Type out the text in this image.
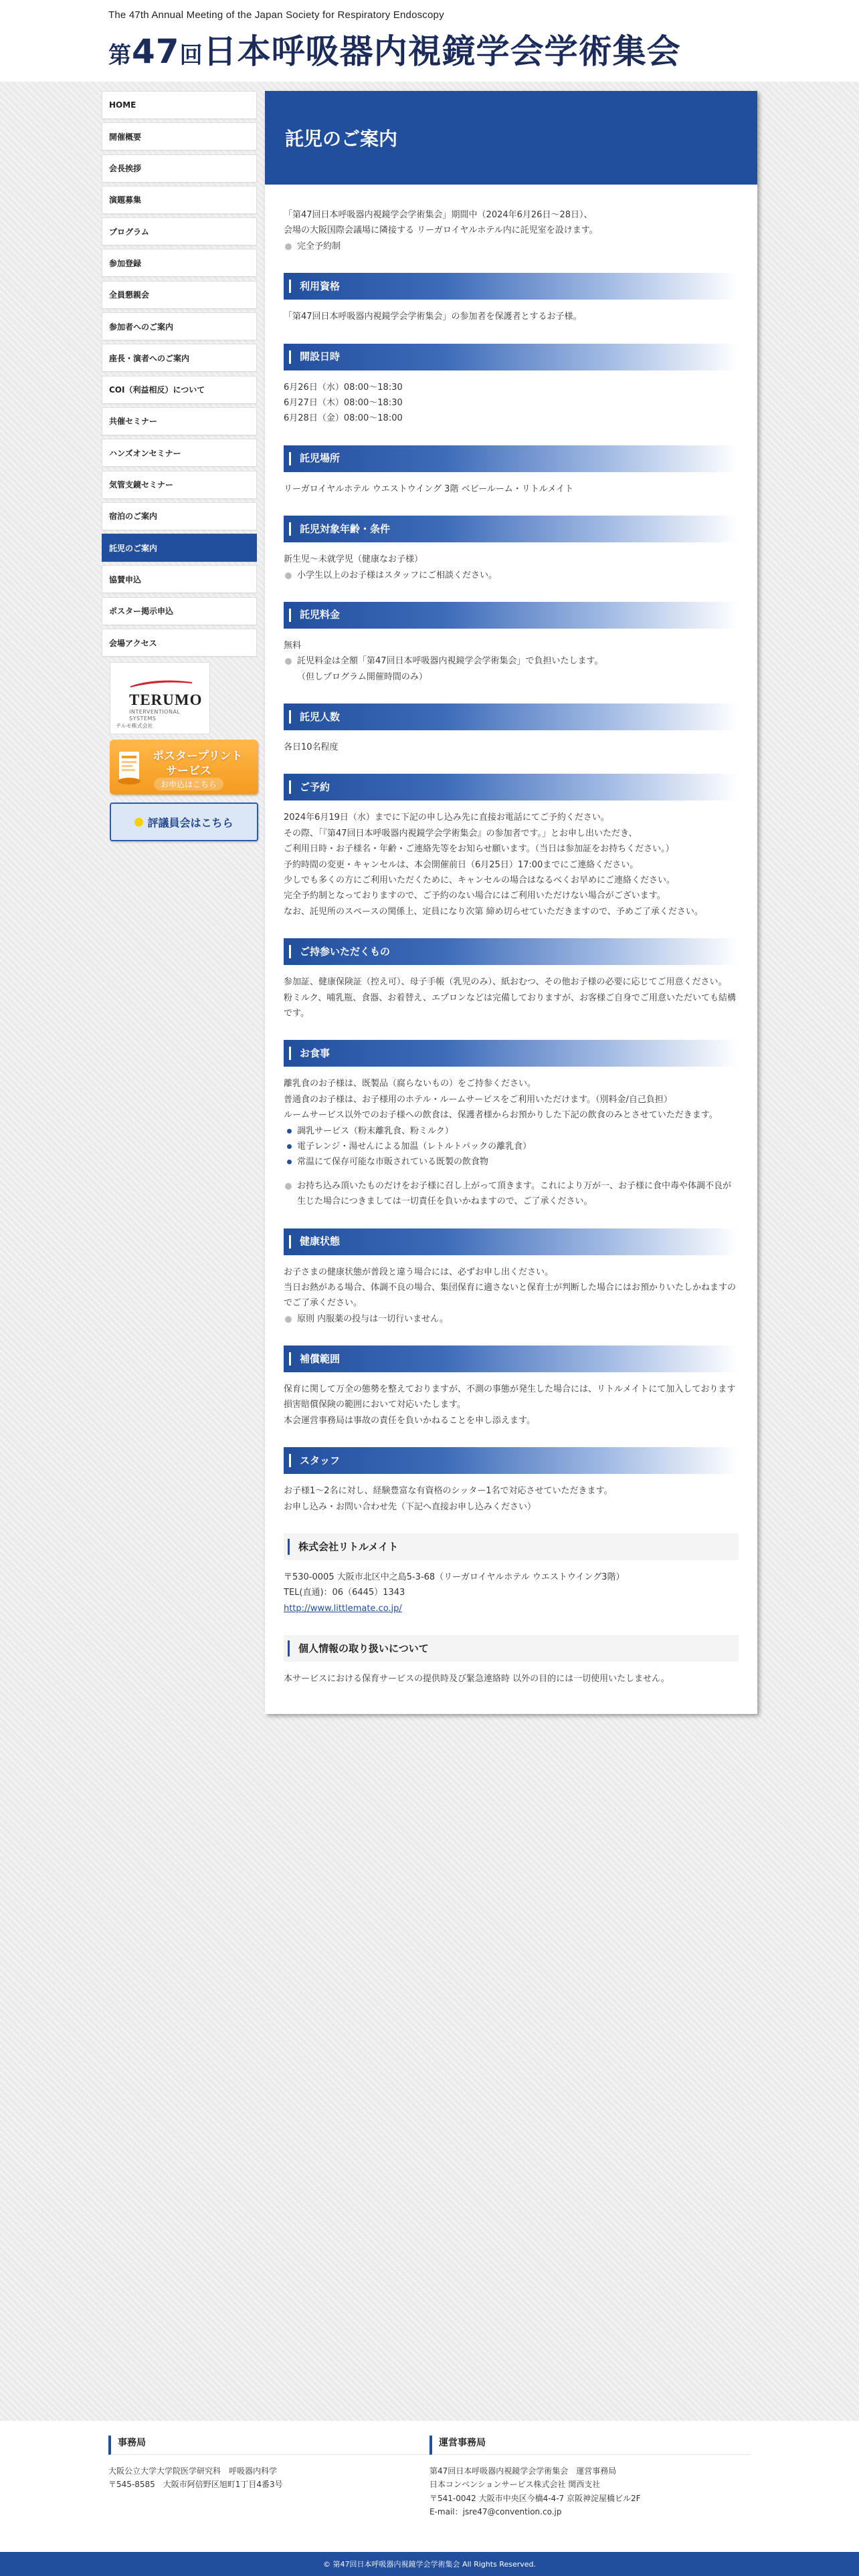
The 47th Annual Meeting of the Japan Society for Respiratory Endoscopy
第47回日本呼吸器内視鏡学会学術集会
HOME
開催概要
会長挨拶
演題募集
プログラム
参加登録
全員懇親会
参加者へのご案内
座長・演者へのご案内
COI（利益相反）について
共催セミナー
ハンズオンセミナー
気管支鏡セミナー
宿泊のご案内
託児のご案内
協賛申込
ポスター掲示申込
会場アクセス
TERUMO
INTERVENTIONAL
SYSTEMS
テルモ株式会社
ポスタープリント
サービス
お申込はこちら
評議員会はこちら
託児のご案内

「第47回日本呼吸器内視鏡学会学術集会」期間中（2024年6月26日～28日）、

会場の大阪国際会議場に隣接する リーガロイヤルホテル内に託児室を設けます。

完全予約制

利用資格

「第47回日本呼吸器内視鏡学会学術集会」の参加者を保護者とするお子様。

開設日時

6月26日（水）08:00～18:30

6月27日（木）08:00～18:30

6月28日（金）08:00～18:00

託児場所

リーガロイヤルホテル ウエストウイング 3階 ベビールーム・リトルメイト

託児対象年齢・条件

新生児～未就学児（健康なお子様）

小学生以上のお子様はスタッフにご相談ください。

託児料金

無料

託児料金は全額「第47回日本呼吸器内視鏡学会学術集会」で負担いたします。

（但しプログラム開催時間のみ）

託児人数

各日10名程度

ご予約

2024年6月19日（水）までに下記の申し込み先に直接お電話にてご予約ください。

その際、「『第47回日本呼吸器内視鏡学会学術集会』の参加者です。」とお申し出いただき、

ご利用日時・お子様名・年齢・ご連絡先等をお知らせ願います。（当日は参加証をお持ちください。）

予約時間の変更・キャンセルは、本会開催前日（6月25日）17:00までにご連絡ください。

少しでも多くの方にご利用いただくために、キャンセルの場合はなるべくお早めにご連絡ください。

完全予約制となっておりますので、ご予約のない場合にはご利用いただけない場合がございます。

なお、託児所のスペースの関係上、定員になり次第 締め切らせていただきますので、予めご了承ください。

ご持参いただくもの

参加証、健康保険証（控え可）、母子手帳（乳児のみ）、紙おむつ、その他お子様の必要に応じてご用意ください。

粉ミルク、哺乳瓶、食器、お着替え、エプロンなどは完備しておりますが、お客様ご自身でご用意いただいても結構です。

お食事

離乳食のお子様は、既製品（腐らないもの）をご持参ください。

普通食のお子様は、お子様用のホテル・ルームサービスをご利用いただけます。（別料金/自己負担）

ルームサービス以外でのお子様への飲食は、保護者様からお預かりした下記の飲食のみとさせていただきます。

調乳サービス（粉末離乳食、粉ミルク）

電子レンジ・湯せんによる加温（レトルトパックの離乳食）

常温にて保存可能な市販されている既製の飲食物

お持ち込み頂いたものだけをお子様に召し上がって頂きます。これにより万が一、お子様に食中毒や体調不良が生じた場合につきましては一切責任を負いかねますので、ご了承ください。

健康状態

お子さまの健康状態が普段と違う場合には、必ずお申し出ください。

当日お熱がある場合、体調不良の場合、集団保育に適さないと保育士が判断した場合にはお預かりいたしかねますのでご了承ください。

原則 内服薬の投与は一切行いません。

補償範囲

保育に関して万全の態勢を整えておりますが、不測の事態が発生した場合には、リトルメイトにて加入しております損害賠償保険の範囲において対応いたします。

本会運営事務局は事故の責任を負いかねることを申し添えます。

スタッフ

お子様1～2名に対し、経験豊富な有資格のシッター1名で対応させていただきます。

お申し込み・お問い合わせ先（下記へ直接お申し込みください）

株式会社リトルメイト

〒530-0005 大阪市北区中之島5-3-68（リーガロイヤルホテル ウエストウイング3階）

TEL(直通)：06（6445）1343

http://www.littlemate.co.jp/

個人情報の取り扱いについて

本サービスにおける保育サービスの提供時及び緊急連絡時 以外の目的には一切使用いたしません。

事務局

大阪公立大学大学院医学研究科　呼吸器内科学

〒545-8585　大阪市阿倍野区旭町1丁目4番3号

運営事務局

第47回日本呼吸器内視鏡学会学術集会　運営事務局

日本コンベンションサービス株式会社 関西支社

〒541-0042 大阪市中央区今橋4-4-7 京阪神淀屋橋ビル2F

E-mail：jsre47@convention.co.jp

© 第47回日本呼吸器内視鏡学会学術集会 All Rights Reserved.
